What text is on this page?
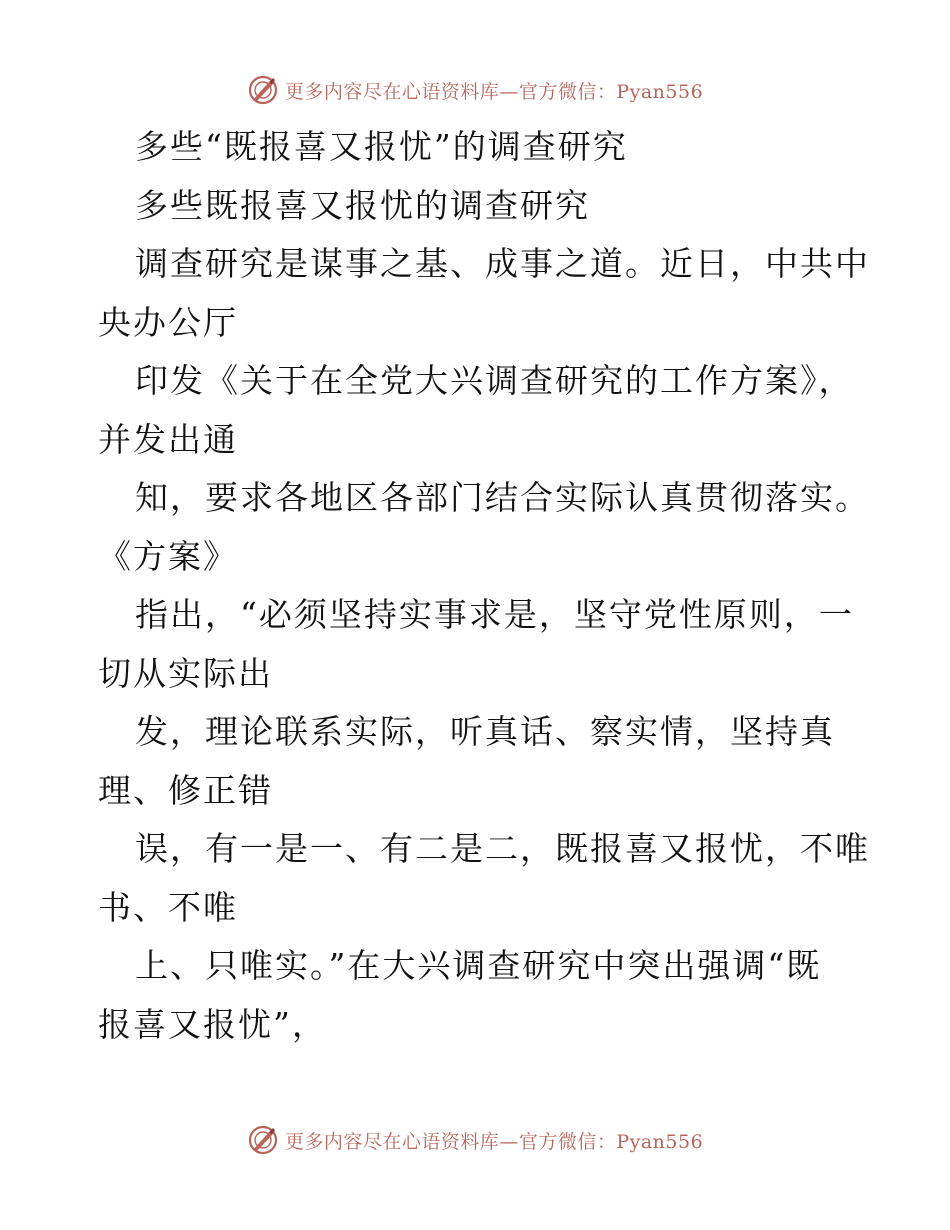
更多内容尽在心语资料库—官方微信：Pyan556
多些“既报喜又报忧”的调查研究
多些既报喜又报忧的调查研究
调查研究是谋事之基、成事之道。近日，中共中
央办公厅
印发《关于在全党大兴调查研究的工作方案》，
并发出通
知，要求各地区各部门结合实际认真贯彻落实。
《方案》
指出，“必须坚持实事求是，坚守党性原则，一
切从实际出
发，理论联系实际，听真话、察实情，坚持真
理、修正错
误，有一是一、有二是二，既报喜又报忧，不唯
书、不唯
上、只唯实。”在大兴调查研究中突出强调“既
报喜又报忧”，
更多内容尽在心语资料库—官方微信：Pyan556
